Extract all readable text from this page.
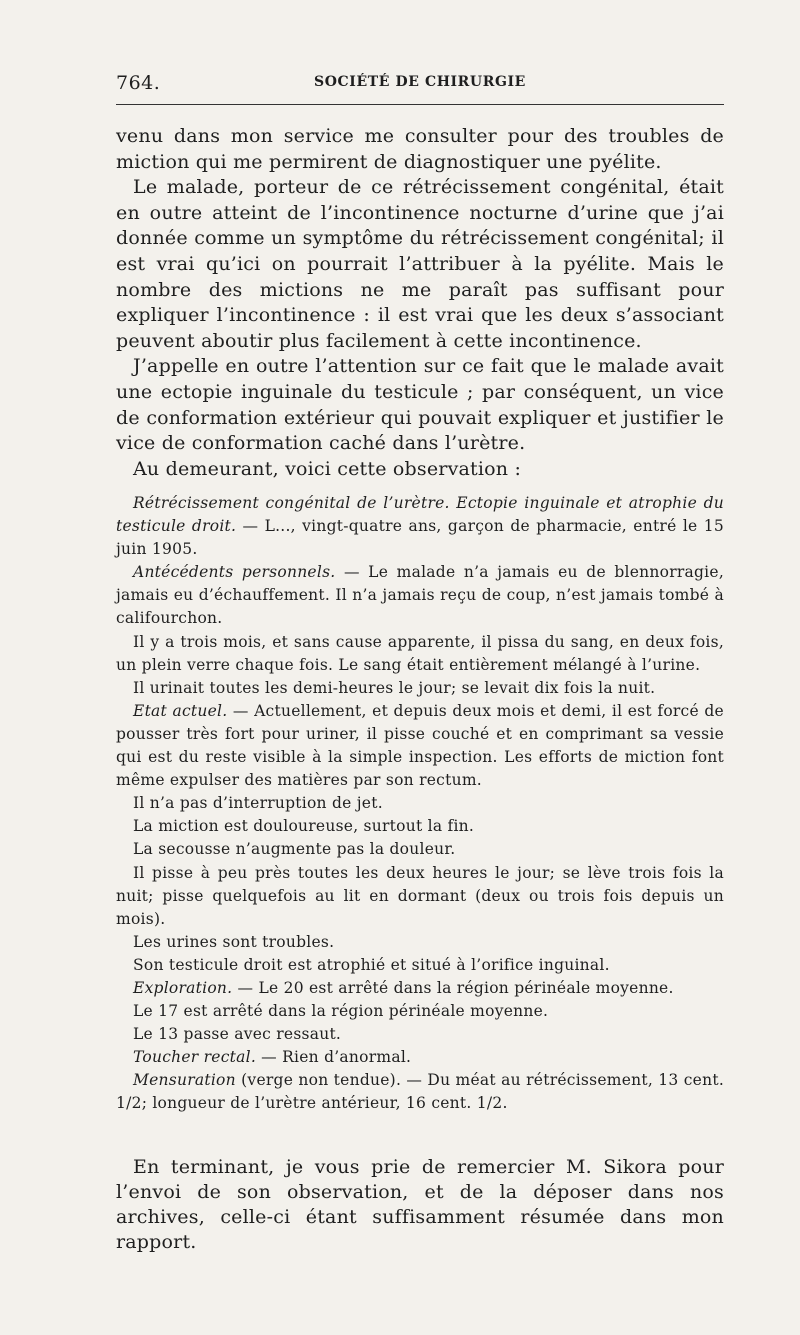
764.	SOCIÉTÉ DE CHIRURGIE

venu dans mon service me consulter pour des troubles de miction qui me permirent de diagnostiquer une pyélite.

Le malade, porteur de ce rétrécissement congénital, était en outre atteint de l’incontinence nocturne d’urine que j’ai donnée comme un symptôme du rétrécissement congénital; il est vrai qu’ici on pourrait l’attribuer à la pyélite. Mais le nombre des mictions ne me paraît pas suffisant pour expliquer l’incontinence : il est vrai que les deux s’associant peuvent aboutir plus facilement à cette incontinence.

J’appelle en outre l’attention sur ce fait que le malade avait une ectopie inguinale du testicule ; par conséquent, un vice de conformation extérieur qui pouvait expliquer et justifier le vice de conformation caché dans l’urètre.

Au demeurant, voici cette observation :

Rétrécissement congénital de l’urètre. Ectopie inguinale et atrophie du testicule droit. — L..., vingt-quatre ans, garçon de pharmacie, entré le 15 juin 1905.

Antécédents personnels. — Le malade n’a jamais eu de blennorragie, jamais eu d’échauffement. Il n’a jamais reçu de coup, n’est jamais tombé à califourchon.

Il y a trois mois, et sans cause apparente, il pissa du sang, en deux fois, un plein verre chaque fois. Le sang était entièrement mélangé à l’urine.

Il urinait toutes les demi-heures le jour; se levait dix fois la nuit.

Etat actuel. — Actuellement, et depuis deux mois et demi, il est forcé de pousser très fort pour uriner, il pisse couché et en comprimant sa vessie qui est du reste visible à la simple inspection. Les efforts de miction font même expulser des matières par son rectum.

Il n’a pas d’interruption de jet.

La miction est douloureuse, surtout la fin.

La secousse n’augmente pas la douleur.

Il pisse à peu près toutes les deux heures le jour; se lève trois fois la nuit; pisse quelquefois au lit en dormant (deux ou trois fois depuis un mois).

Les urines sont troubles.

Son testicule droit est atrophié et situé à l’orifice inguinal.

Exploration. — Le 20 est arrêté dans la région périnéale moyenne.

Le 17 est arrêté dans la région périnéale moyenne.

Le 13 passe avec ressaut.

Toucher rectal. — Rien d’anormal.

Mensuration (verge non tendue). — Du méat au rétrécissement, 13 cent. 1/2; longueur de l’urètre antérieur, 16 cent. 1/2.

En terminant, je vous prie de remercier M. Sikora pour l’envoi de son observation, et de la déposer dans nos archives, celle-ci étant suffisamment résumée dans mon rapport.
